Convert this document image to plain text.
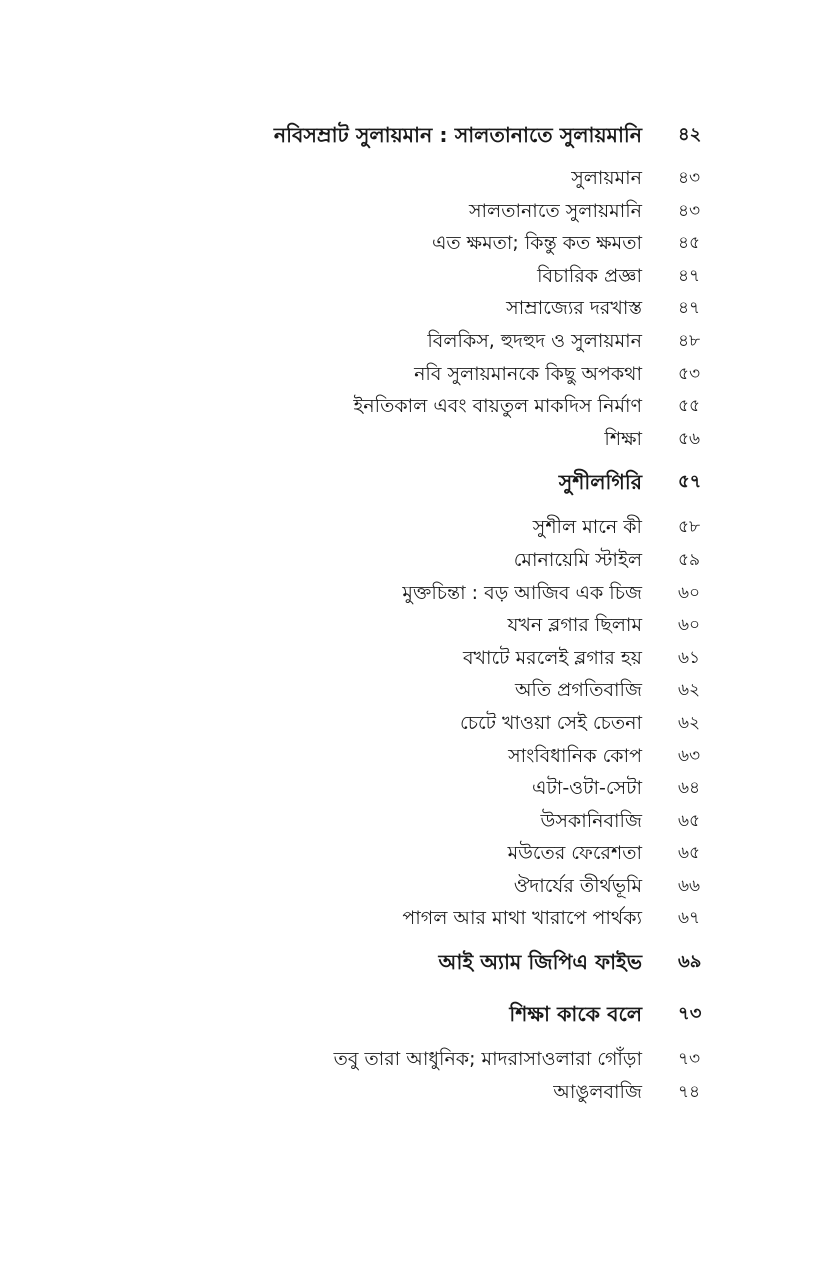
নবিসম্রাট সুলায়মান : সালতানাতে সুলায়মানি ৪২
সুলায়মান ৪৩
সালতানাতে সুলায়মানি ৪৩
এত ক্ষমতা; কিন্তু কত ক্ষমতা ৪৫
বিচারিক প্রজ্ঞা ৪৭
সাম্রাজ্যের দরখাস্ত ৪৭
বিলকিস, হুদহুদ ও সুলায়মান ৪৮
নবি সুলায়মানকে কিছু অপকথা ৫৩
ইনতিকাল এবং বায়তুল মাকদিস নির্মাণ ৫৫
শিক্ষা ৫৬
সুশীলগিরি ৫৭
সুশীল মানে কী ৫৮
মোনায়েমি স্টাইল ৫৯
মুক্তচিন্তা : বড় আজিব এক চিজ ৬০
যখন ব্লগার ছিলাম ৬০
বখাটে মরলেই ব্লগার হয় ৬১
অতি প্রগতিবাজি ৬২
চেটে খাওয়া সেই চেতনা ৬২
সাংবিধানিক কোপ ৬৩
এটা-ওটা-সেটা ৬৪
উসকানিবাজি ৬৫
মউতের ফেরেশতা ৬৫
ঔদার্যের তীর্থভূমি ৬৬
পাগল আর মাথা খারাপে পার্থক্য ৬৭
আই অ্যাম জিপিএ ফাইভ ৬৯
শিক্ষা কাকে বলে ৭৩
তবু তারা আধুনিক; মাদরাসাওলারা গোঁড়া ৭৩
আঙুলবাজি ৭৪
